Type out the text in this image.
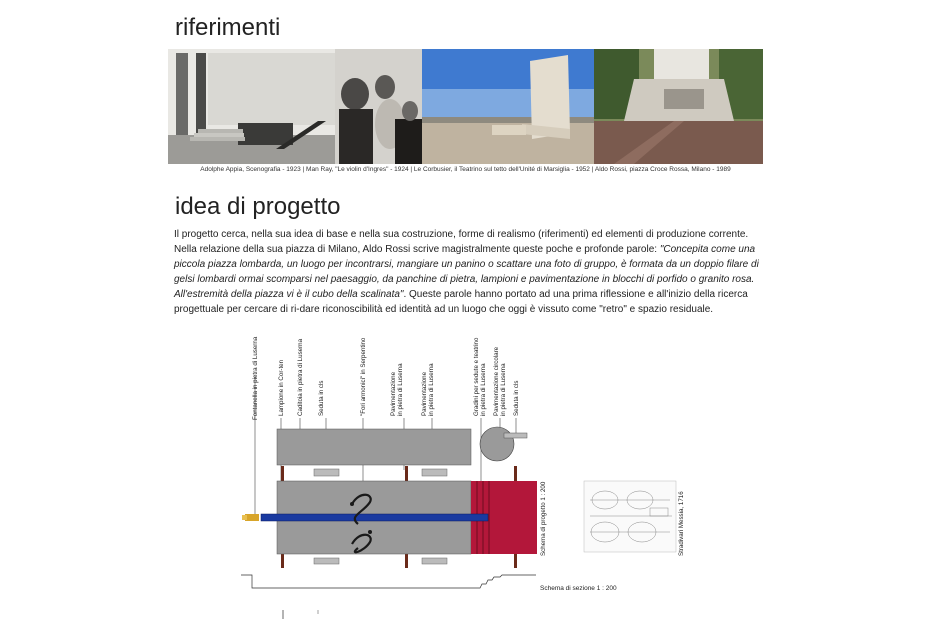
riferimenti
Adolphe Appia, Scenografia - 1923 | Man Ray, "Le violin d'Ingres" - 1924 | Le Corbusier, il Teatrino sul tetto dell'Unité di Marsiglia - 1952 | Aldo Rossi, piazza Croce Rossa, Milano - 1989
idea di progetto
Il progetto cerca, nella sua idea di base e nella sua costruzione, forme di realismo (riferimenti) ed elementi di produzione corrente. Nella relazione della sua piazza di Milano, Aldo Rossi scrive magistralmente queste poche e profonde parole: "Concepita come una piccola piazza lombarda, un luogo per incontrarsi, mangiare un panino o scattare una foto di gruppo, è formata da un doppio filare di gelsi lombardi ormai scomparsi nel paesaggio, da panchine di pietra, lampioni e pavimentazione in blocchi di porfido o granito rosa. All'estremità della piazza vi è il cubo della scalinata". Queste parole hanno portato ad una prima riflessione e all'inizio della ricerca progettuale per cercare di ri-dare riconoscibilità ed identità ad un luogo che oggi è vissuto come "retro" e spazio residuale.
Fontanella in pietra di Luserna	Lampione in Cor-ten Caditoia in pietra di Luserna Seduta in cls	"Fori armonici" in Serpentino	Pavimentazione in pietra di Luserna	Pavimentazione in pietra di Luserna	Gradini per sedute e teatrino in pietra di Luserna Pavimentazione circolare in pietra di Luserna Seduta in cls
Schema di progetto 1 : 200	Stradivari Messia, 1716
Schema di sezione 1 : 200
